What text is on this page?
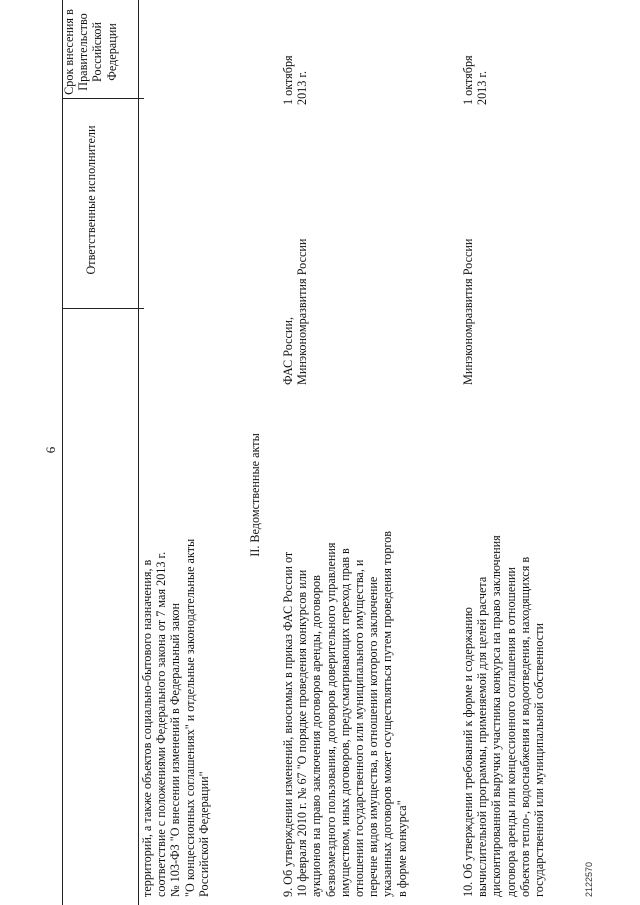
6
Ответственные исполнители

Срок внесения в Правительство Российской Федерации

территорий, а также объектов социально-бытового назначения, в соответствие с положениями Федерального закона от 7 мая 2013 г. № 103-ФЗ "О внесении изменений в Федеральный закон "О концессионных соглашениях" и отдельные законодательные акты Российской Федерации"

II. Ведомственные акты

9. Об утверждении изменений, вносимых в приказ ФАС России от 10 февраля 2010 г. № 67 "О порядке проведения конкурсов или аукционов на право заключения договоров аренды, договоров безвозмездного пользования, договоров доверительного управления имуществом, иных договоров, предусматривающих переход прав в отношении государственного или муниципального имущества, и перечне видов имущества, в отношении которого заключение указанных договоров может осуществляться путем проведения торгов в форме конкурса"	10. Об утверждении требований к форме и содержанию вычислительной программы, применяемой для целей расчета дисконтированной выручки участника конкурса на право заключения договора аренды или концессионного соглашения в отношении объектов тепло-, водоснабжения и водоотведения, находящихся в государственной или муниципальной собственности	2122570

ФАС России, Минэкономразвития России

1 октября 2013 г.

Минэкономразвития России

1 октября 2013 г.
